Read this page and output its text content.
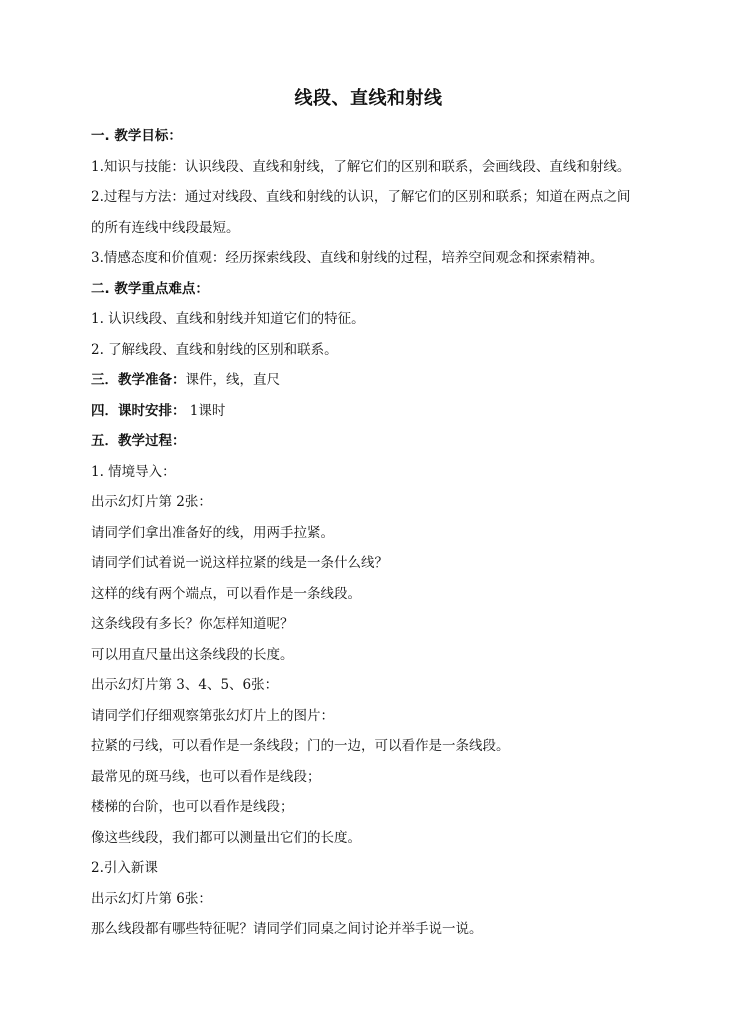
线段、直线和射线
一. 教学目标：
1.知识与技能：认识线段、直线和射线，了解它们的区别和联系，会画线段、直线和射线。
2.过程与方法：通过对线段、直线和射线的认识，了解它们的区别和联系；知道在两点之间
的所有连线中线段最短。
3.情感态度和价值观：经历探索线段、直线和射线的过程，培养空间观念和探索精神。
二. 教学重点难点：
1. 认识线段、直线和射线并知道它们的特征。
2. 了解线段、直线和射线的区别和联系。
三．教学准备：课件，线，直尺
四．课时安排： 1课时
五．教学过程：
1. 情境导入：
出示幻灯片第 2张：
请同学们拿出准备好的线，用两手拉紧。
请同学们试着说一说这样拉紧的线是一条什么线？
这样的线有两个端点，可以看作是一条线段。
这条线段有多长？你怎样知道呢？
可以用直尺量出这条线段的长度。
出示幻灯片第 3、4、5、6张：
请同学们仔细观察第张幻灯片上的图片：
拉紧的弓线，可以看作是一条线段；门的一边，可以看作是一条线段。
最常见的斑马线，也可以看作是线段；
楼梯的台阶，也可以看作是线段；
像这些线段，我们都可以测量出它们的长度。
2.引入新课
出示幻灯片第 6张：
那么线段都有哪些特征呢？请同学们同桌之间讨论并举手说一说。
